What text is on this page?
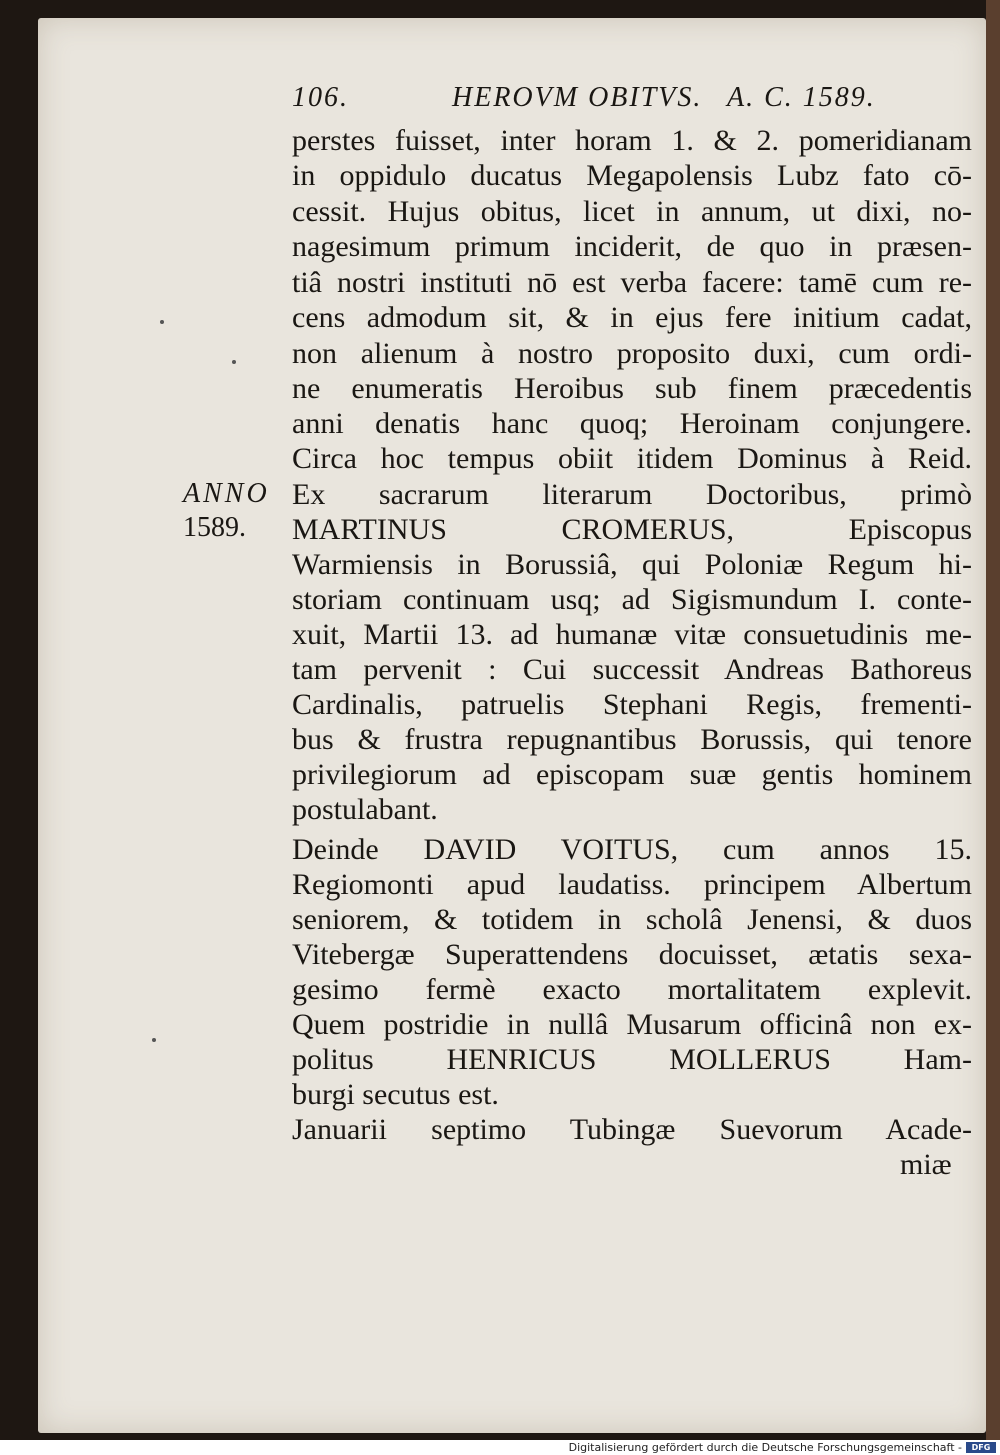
106.	HEROVM OBITVS. A. C. 1589.
ANNO
1589.
perstes fuisset, inter horam 1. & 2. pomeridianam
in oppidulo ducatus Megapolensis Lubz fato cō-
cessit. Hujus obitus, licet in annum, ut dixi, no-
nagesimum primum inciderit, de quo in præsen-
tiâ nostri instituti nō est verba facere: tamē cum re-
cens admodum sit, & in ejus fere initium cadat,
non alienum à nostro proposito duxi, cum ordi-
ne enumeratis Heroibus sub finem præcedentis
anni denatis hanc quoq; Heroinam conjungere.
Circa hoc tempus obiit itidem Dominus à Reid.
Ex sacrarum literarum Doctoribus, primò
MARTINUS CROMERUS, Episcopus
Warmiensis in Borussiâ, qui Poloniæ Regum hi-
storiam continuam usq; ad Sigismundum I. conte-
xuit, Martii 13. ad humanæ vitæ consuetudinis me-
tam pervenit : Cui successit Andreas Bathoreus
Cardinalis, patruelis Stephani Regis, frementi-
bus & frustra repugnantibus Borussis, qui tenore
privilegiorum ad episcopam suæ gentis hominem
postulabant.
Deinde DAVID VOITUS, cum annos 15.
Regiomonti apud laudatiss. principem Albertum
seniorem, & totidem in scholâ Jenensi, & duos
Vitebergæ Superattendens docuisset, ætatis sexa-
gesimo fermè exacto mortalitatem explevit.
Quem postridie in nullâ Musarum officinâ non ex-
politus HENRICUS MOLLERUS Ham-
burgi secutus est.
Januarii septimo Tubingæ Suevorum Acade-
miæ
Digitalisierung gefördert durch die Deutsche Forschungsgemeinschaft -	DFG
